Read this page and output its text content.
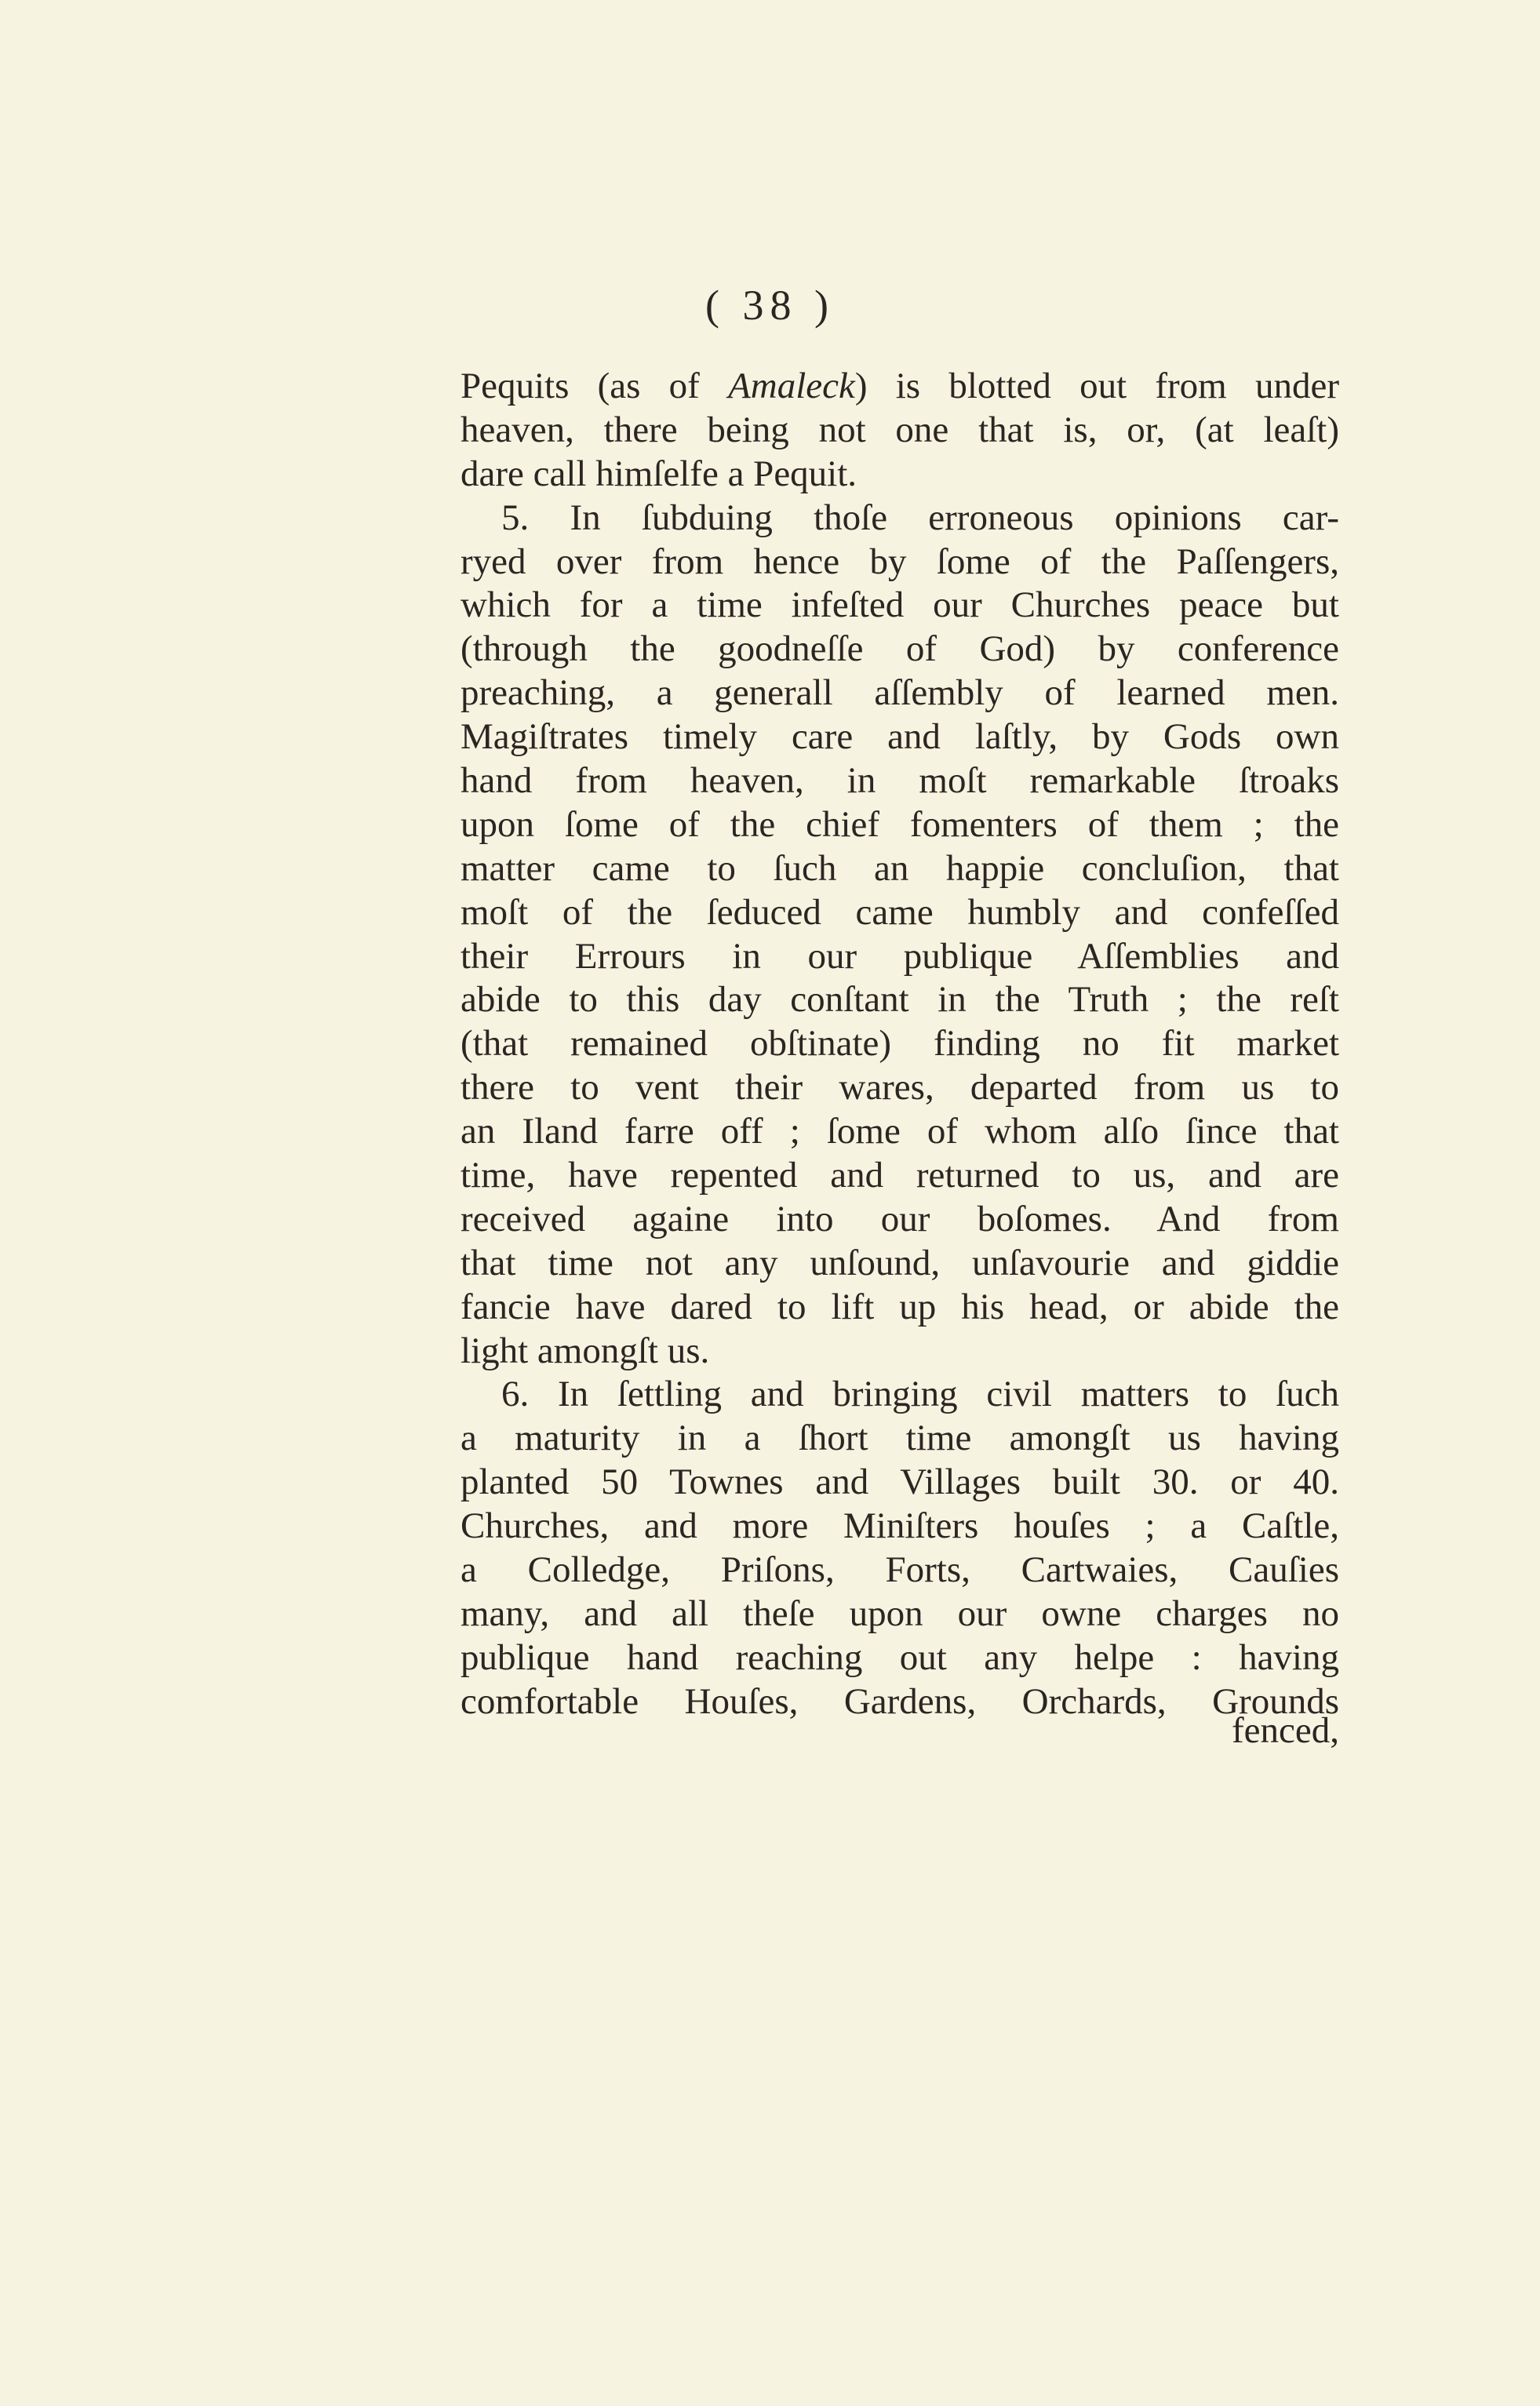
( 38 )
Pequits (as of Amaleck) is blotted out from under
heaven, there being not one that is, or, (at leaſt)
dare call himſelfe a Pequit.
5. In ſubduing thoſe erroneous opinions car-
ryed over from hence by ſome of the Paſſengers,
which for a time infeſted our Churches peace but
(through the goodneſſe of God) by conference
preaching, a generall aſſembly of learned men.
Magiſtrates timely care and laſtly, by Gods own
hand from heaven, in moſt remarkable ſtroaks
upon ſome of the chief fomenters of them ; the
matter came to ſuch an happie concluſion, that
moſt of the ſeduced came humbly and confeſſed
their Errours in our publique Aſſemblies and
abide to this day conſtant in the Truth ; the reſt
(that remained obſtinate) finding no fit market
there to vent their wares, departed from us to
an Iland farre off ; ſome of whom alſo ſince that
time, have repented and returned to us, and are
received againe into our boſomes. And from
that time not any unſound, unſavourie and giddie
fancie have dared to lift up his head, or abide the
light amongſt us.
6. In ſettling and bringing civil matters to ſuch
a maturity in a ſhort time amongſt us having
planted 50 Townes and Villages built 30. or 40.
Churches, and more Miniſters houſes ; a Caſtle,
a Colledge, Priſons, Forts, Cartwaies, Cauſies
many, and all theſe upon our owne charges no
publique hand reaching out any helpe : having
comfortable Houſes, Gardens, Orchards, Grounds
fenced,
